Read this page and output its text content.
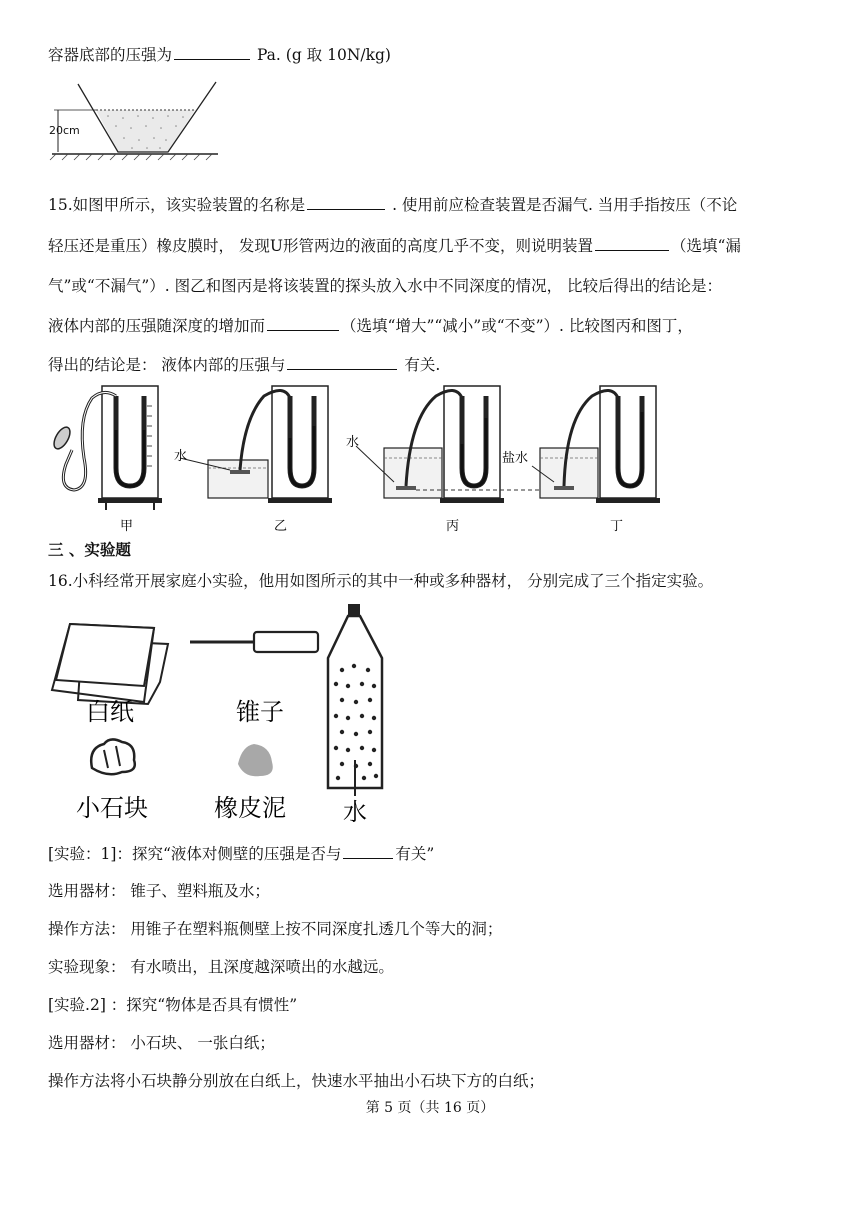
容器底部的压强为	Pa. (g 取 10N/kg)
20cm
15.如图甲所示，该实验装置的名称是	. 使用前应检查装置是否漏气. 当用手指按压（不论
轻压还是重压）橡皮膜时， 发现U形管两边的液面的高度几乎不变，则说明装置	（选填“漏
气”或“不漏气”）. 图乙和图丙是将该装置的探头放入水中不同深度的情况， 比较后得出的结论是：
液体内部的压强随深度的增加而	（选填“增大”“减小”或“不变”）. 比较图丙和图丁，
得出的结论是： 液体内部的压强与	有关.
甲
水
乙
水
丙
盐水
丁
三 、实验题
16.小科经常开展家庭小实验，他用如图所示的其中一种或多种器材， 分别完成了三个指定实验。
白纸	锥子
小石块	橡皮泥 水
[实验：1]：探究“液体对侧壁的压强是否与	有关”
选用器材： 锥子、塑料瓶及水；
操作方法： 用锥子在塑料瓶侧壁上按不同深度扎透几个等大的洞；
实验现象： 有水喷出，且深度越深喷出的水越远。
[实验.2] ：探究“物体是否具有惯性”
选用器材： 小石块、 一张白纸；
操作方法将小石块静分别放在白纸上，快速水平抽出小石块下方的白纸；
第 5 页（共 16 页）
